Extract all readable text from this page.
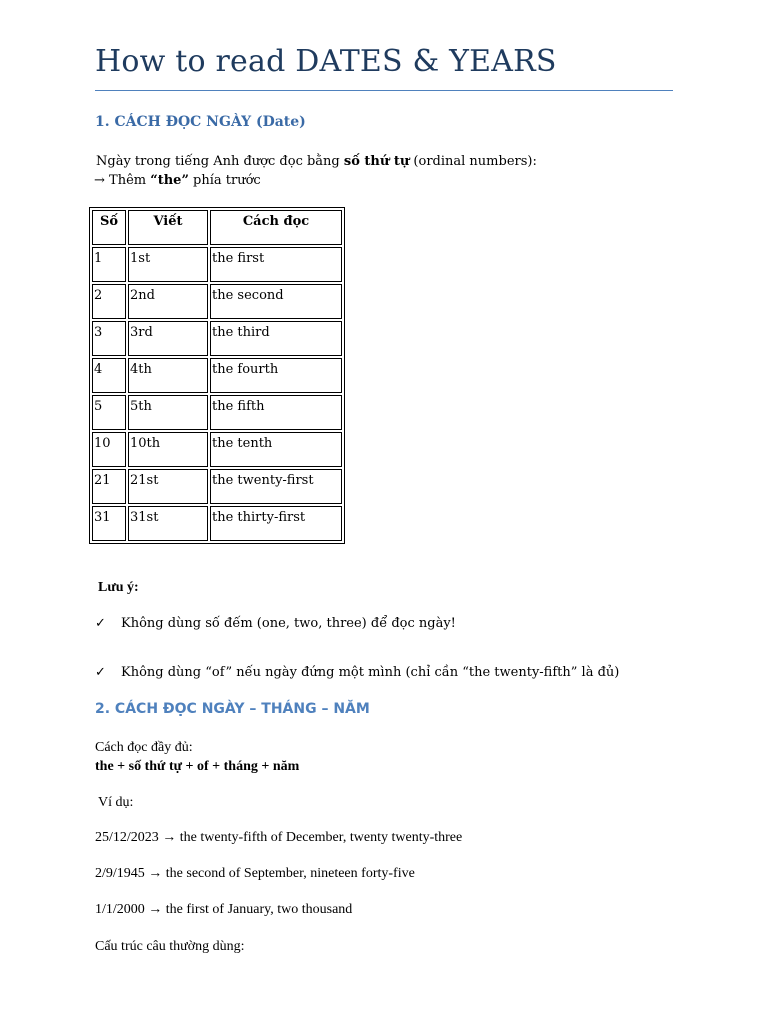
How to read DATES & YEARS
1. CÁCH ĐỌC NGÀY (Date)
Ngày trong tiếng Anh được đọc bằng số thứ tự (ordinal numbers):
→ Thêm “the” phía trước
Số	Viết	Cách đọc
1	1st	the first
2	2nd	the second
3	3rd	the third
4	4th	the fourth
5	5th	the fifth
10	10th	the tenth
21	21st	the twenty-first
31	31st	the thirty-first
Lưu ý:
✓ Không dùng số đếm (one, two, three) để đọc ngày!
✓ Không dùng “of” nếu ngày đứng một mình (chỉ cần “the twenty-fifth” là đủ)
2. CÁCH ĐỌC NGÀY – THÁNG – NĂM
Cách đọc đầy đủ:
the + số thứ tự + of + tháng + năm
Ví dụ:
25/12/2023 → the twenty-fifth of December, twenty twenty-three
2/9/1945 → the second of September, nineteen forty-five
1/1/2000 → the first of January, two thousand
Cấu trúc câu thường dùng:
